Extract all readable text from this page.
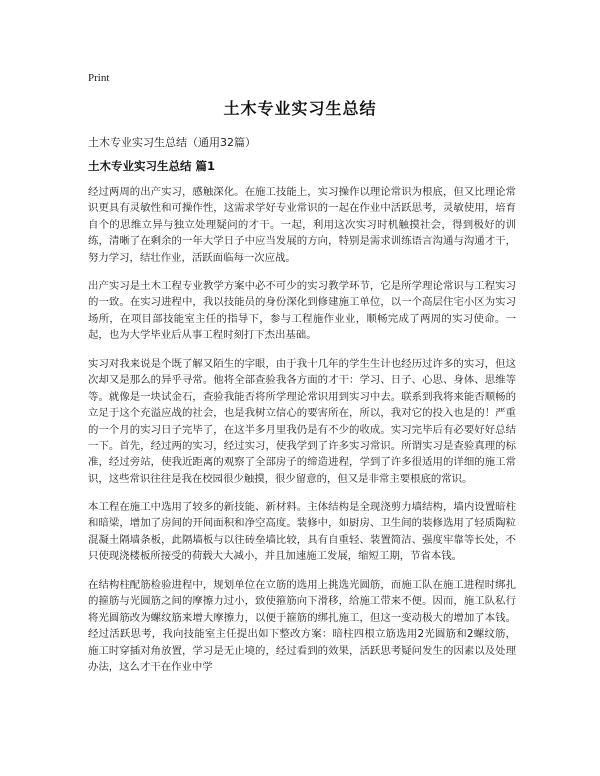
Print
土木专业实习生总结
土木专业实习生总结（通用32篇）
土木专业实习生总结 篇1

经过两周的出产实习，感触深化。在施工技能上，实习操作以理论常识为根底，但又比理论常识更具有灵敏性和可操作性，这需求学好专业常识的一起在作业中活跃思考，灵敏使用，培育自个的思维立异与独立处理疑问的才干。一起，利用这次实习时机触摸社会，得到极好的训练，清晰了在剩余的一年大学日子中应当发展的方向，特别是需求训练语言沟通与沟通才干，努力学习，结壮作业，活跃面临每一次应战。

出产实习是土木工程专业教学方案中必不可少的实习教学环节，它是所学理论常识与工程实习的一致。在实习进程中，我以技能员的身份深化到修建施工单位，以一个高层住宅小区为实习场所，在项目部技能室主任的指导下，参与工程施作业业，顺畅完成了两周的实习使命。一起，也为大学毕业后从事工程时刻打下杰出基础。

实习对我来说是个既了解又陌生的字眼，由于我十几年的学生生计也经历过许多的实习，但这次却又是那么的异乎寻常。他将全部查验我各方面的才干：学习、日子、心思、身体、思维等等。就像是一块试金石，查验我能否将所学理论常识用到实习中去。联系到我将来能否顺畅的立足于这个充溢应战的社会，也是我树立信心的要害所在，所以，我对它的投入也是的！严重的一个月的实习日子完毕了，在这半多月里我仍是有不少的收成。实习完毕后有必要好好总结一下。首先，经过两的实习，经过实习，使我学到了许多实习常识。所谓实习是查验真理的标准，经过旁站，使我近距离的观察了全部房子的缔造进程，学到了许多很适用的详细的施工常识，这些常识往往是我在校园很少触摸，很少留意的，但又是非常主要根底的常识。

本工程在施工中选用了较多的新技能、新材料。主体结构是全现浇剪力墙结构，墙内设置暗柱和暗梁，增加了房间的开间面积和净空高度。装修中，如厨房、卫生间的装修选用了轻质陶粒混凝土隔墙条板，此隔墙板与以往砖垒墙比较，具有自重轻、装置简洁、强度牢靠等长处，不只使现浇楼板所接受的荷载大大减小，并且加速施工发展，缩短工期，节省本钱。

在结构柱配筋检验进程中，规划单位在立筋的选用上挑选光圆筋，而施工队在施工进程时绑扎的箍筋与光圆筋之间的摩擦力过小，致使箍筋向下滑移，给施工带来不便。因而，施工队私行将光圆筋改为螺纹筋来增大摩擦力，以便于箍筋的绑扎施工，但这一变动极大的增加了本钱。经过活跃思考，我向技能室主任提出如下整改方案：暗柱四根立筋选用2光圆筋和2螺纹筋，施工时穿插对角放置，学习是无止境的，经过看到的效果，活跃思考疑问发生的因素以及处理办法，这么才干在作业中学
